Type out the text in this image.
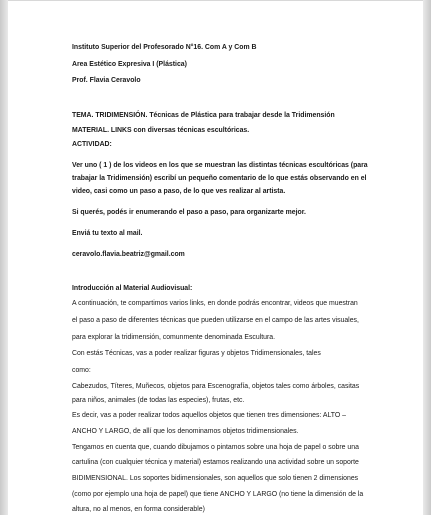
Instituto Superior del Profesorado N°16. Com A y Com B
Area Estético Expresiva I (Plástica)
Prof. Flavia Ceravolo
TEMA. TRIDIMENSIÓN. Técnicas de Plástica para trabajar desde la Tridimensión
MATERIAL. LINKS con diversas técnicas escultóricas.
ACTIVIDAD:
Ver uno ( 1 ) de los videos en los que se muestran las distintas técnicas escultóricas (para
trabajar la Tridimensión) escribí un pequeño comentario de lo que estás observando en el
video, casi como un paso a paso, de lo que ves realizar al artista.
Si querés, podés ir enumerando el paso a paso, para organizarte mejor.
Enviá tu texto al mail.
ceravolo.flavia.beatriz@gmail.com
Introducción al Material Audiovisual:
A continuación, te compartimos varios links, en donde podrás encontrar, videos que muestran
el paso a paso de diferentes técnicas que pueden utilizarse en el campo de las artes visuales,
para explorar la tridimensión, comunmente denominada Escultura.
Con estás Técnicas, vas a poder realizar figuras y objetos Tridimensionales, tales
como:
Cabezudos, Títeres, Muñecos, objetos para Escenografía, objetos tales como árboles, casitas
para niños, animales (de todas las especies), frutas, etc.
Es decir, vas a poder realizar todos aquellos objetos que tienen tres dimensiones: ALTO –
ANCHO Y LARGO, de allí que los denominamos objetos tridimensionales.
Tengamos en cuenta que, cuando dibujamos o pintamos sobre una hoja de papel o sobre una
cartulina (con cualquier técnica y material) estamos realizando una actividad sobre un soporte
BIDIMENSIONAL. Los soportes bidimensionales, son aquellos que solo tienen 2 dimensiones
(como por ejemplo una hoja de papel) que tiene ANCHO Y LARGO (no tiene la dimensión de la
altura, no al menos, en forma considerable)
